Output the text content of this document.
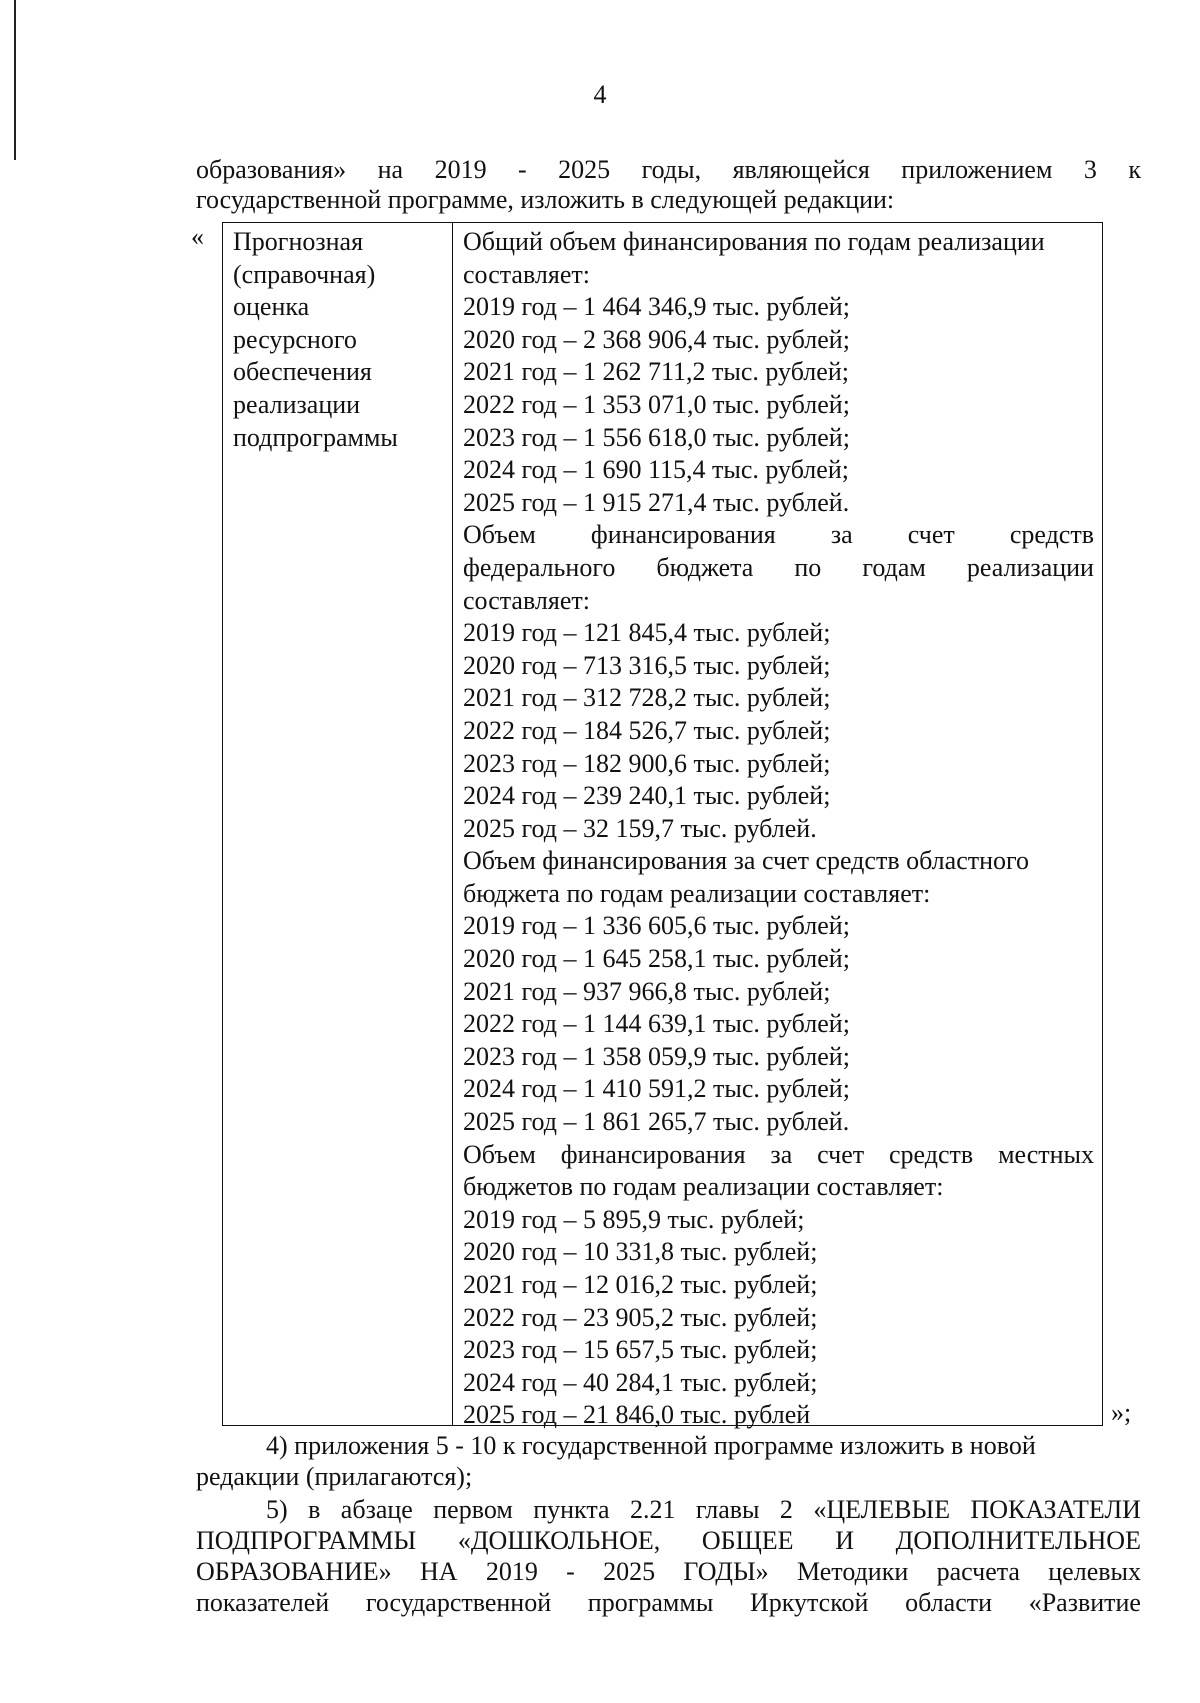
4
образования» на 2019 - 2025 годы, являющейся приложением 3 к
государственной программе, изложить в следующей редакции:
« Прогнозная
(справочная)
оценка
ресурсного
обеспечения
реализации
подпрограммы
Общий объем финансирования по годам реализации
составляет:
2019 год – 1 464 346,9 тыс. рублей;
2020 год – 2 368 906,4 тыс. рублей;
2021 год – 1 262 711,2 тыс. рублей;
2022 год – 1 353 071,0 тыс. рублей;
2023 год – 1 556 618,0 тыс. рублей;
2024 год – 1 690 115,4 тыс. рублей;
2025 год – 1 915 271,4 тыс. рублей.
Объем финансирования за счет средств
федерального бюджета по годам реализации
составляет:
2019 год – 121 845,4 тыс. рублей;
2020 год – 713 316,5 тыс. рублей;
2021 год – 312 728,2 тыс. рублей;
2022 год – 184 526,7 тыс. рублей;
2023 год – 182 900,6 тыс. рублей;
2024 год – 239 240,1 тыс. рублей;
2025 год – 32 159,7 тыс. рублей.
Объем финансирования за счет средств областного
бюджета по годам реализации составляет:
2019 год – 1 336 605,6 тыс. рублей;
2020 год – 1 645 258,1 тыс. рублей;
2021 год – 937 966,8 тыс. рублей;
2022 год – 1 144 639,1 тыс. рублей;
2023 год – 1 358 059,9 тыс. рублей;
2024 год – 1 410 591,2 тыс. рублей;
2025 год – 1 861 265,7 тыс. рублей.
Объем финансирования за счет средств местных
бюджетов по годам реализации составляет:
2019 год – 5 895,9 тыс. рублей;
2020 год – 10 331,8 тыс. рублей;
2021 год – 12 016,2 тыс. рублей;
2022 год – 23 905,2 тыс. рублей;
2023 год – 15 657,5 тыс. рублей;
2024 год – 40 284,1 тыс. рублей;
2025 год – 21 846,0 тыс. рублей	»;
4) приложения 5 - 10 к государственной программе изложить в новой
редакции (прилагаются);
5) в абзаце первом пункта 2.21 главы 2 «ЦЕЛЕВЫЕ ПОКАЗАТЕЛИ
ПОДПРОГРАММЫ «ДОШКОЛЬНОЕ, ОБЩЕЕ И ДОПОЛНИТЕЛЬНОЕ
ОБРАЗОВАНИЕ» НА 2019 - 2025 ГОДЫ» Методики расчета целевых
показателей государственной программы Иркутской области «Развитие
